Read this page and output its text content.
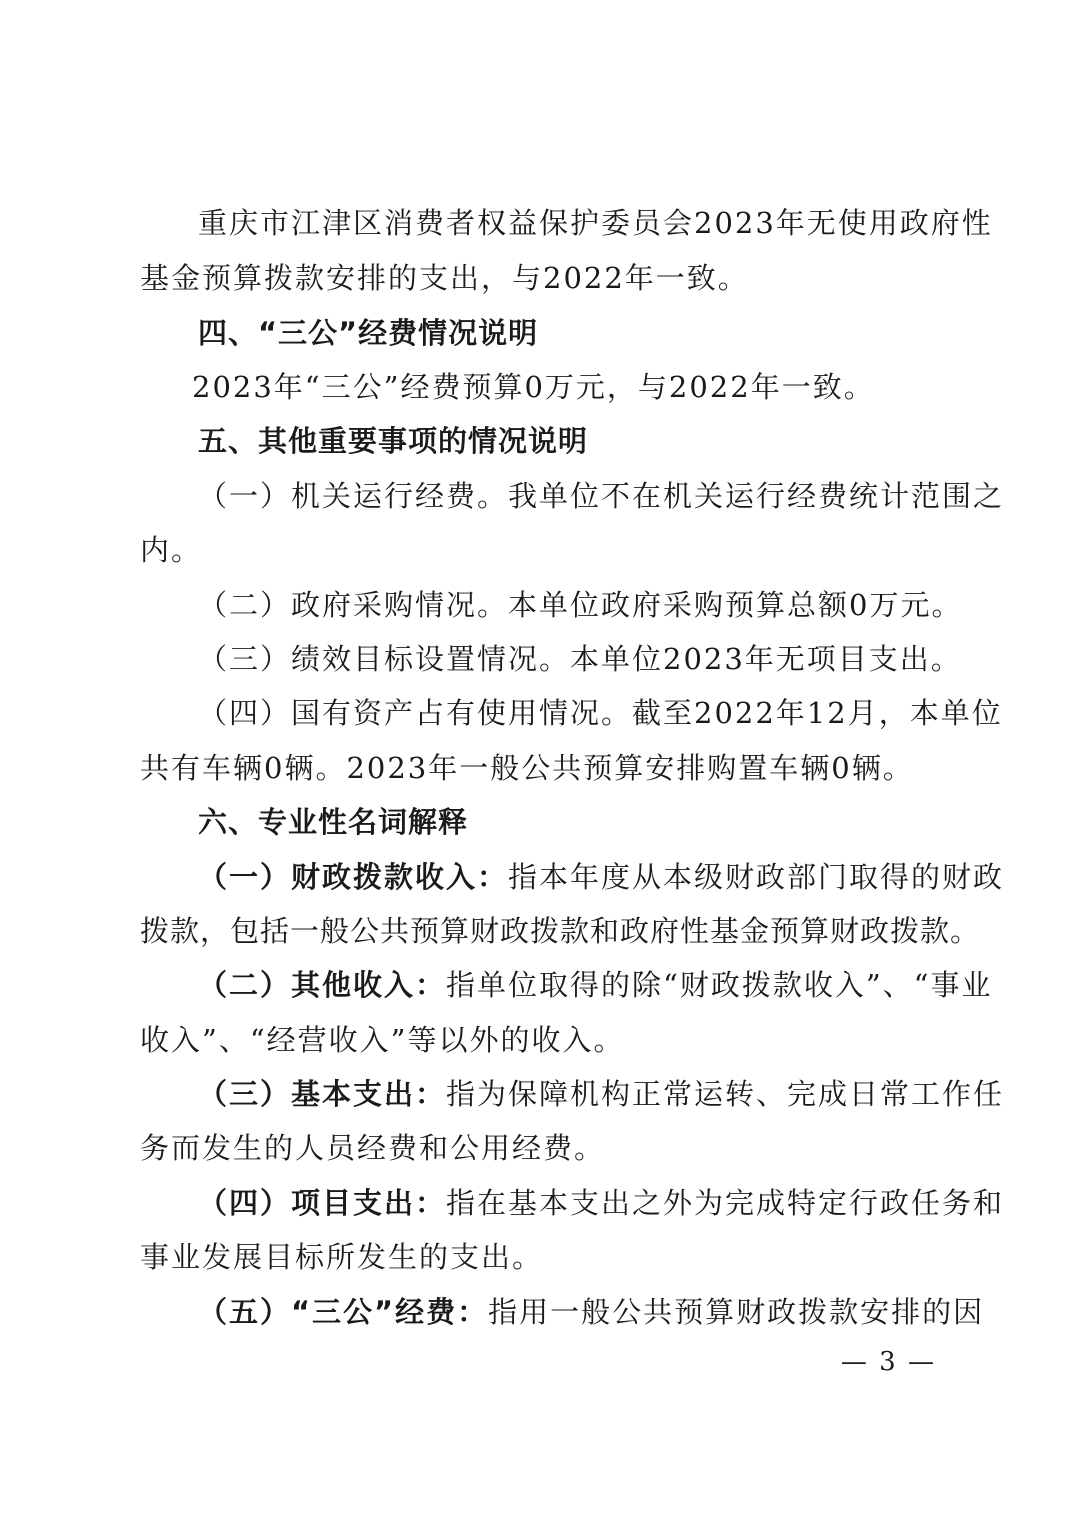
重庆市江津区消费者权益保护委员会2023年无使用政府性
基金预算拨款安排的支出，与2022年一致。
四、“三公”经费情况说明
2023年“三公”经费预算0万元，与2022年一致。
五、其他重要事项的情况说明
（一）机关运行经费。我单位不在机关运行经费统计范围之
内。
（二）政府采购情况。本单位政府采购预算总额0万元。
（三）绩效目标设置情况。本单位2023年无项目支出。
（四）国有资产占有使用情况。截至2022年12月，本单位
共有车辆0辆。2023年一般公共预算安排购置车辆0辆。
六、专业性名词解释
（一）财政拨款收入：指本年度从本级财政部门取得的财政
拨款，包括一般公共预算财政拨款和政府性基金预算财政拨款。
（二）其他收入：指单位取得的除“财政拨款收入”、“事业
收入”、“经营收入”等以外的收入。
（三）基本支出：指为保障机构正常运转、完成日常工作任
务而发生的人员经费和公用经费。
（四）项目支出：指在基本支出之外为完成特定行政任务和
事业发展目标所发生的支出。
（五）“三公”经费：指用一般公共预算财政拨款安排的因
— 3 —
